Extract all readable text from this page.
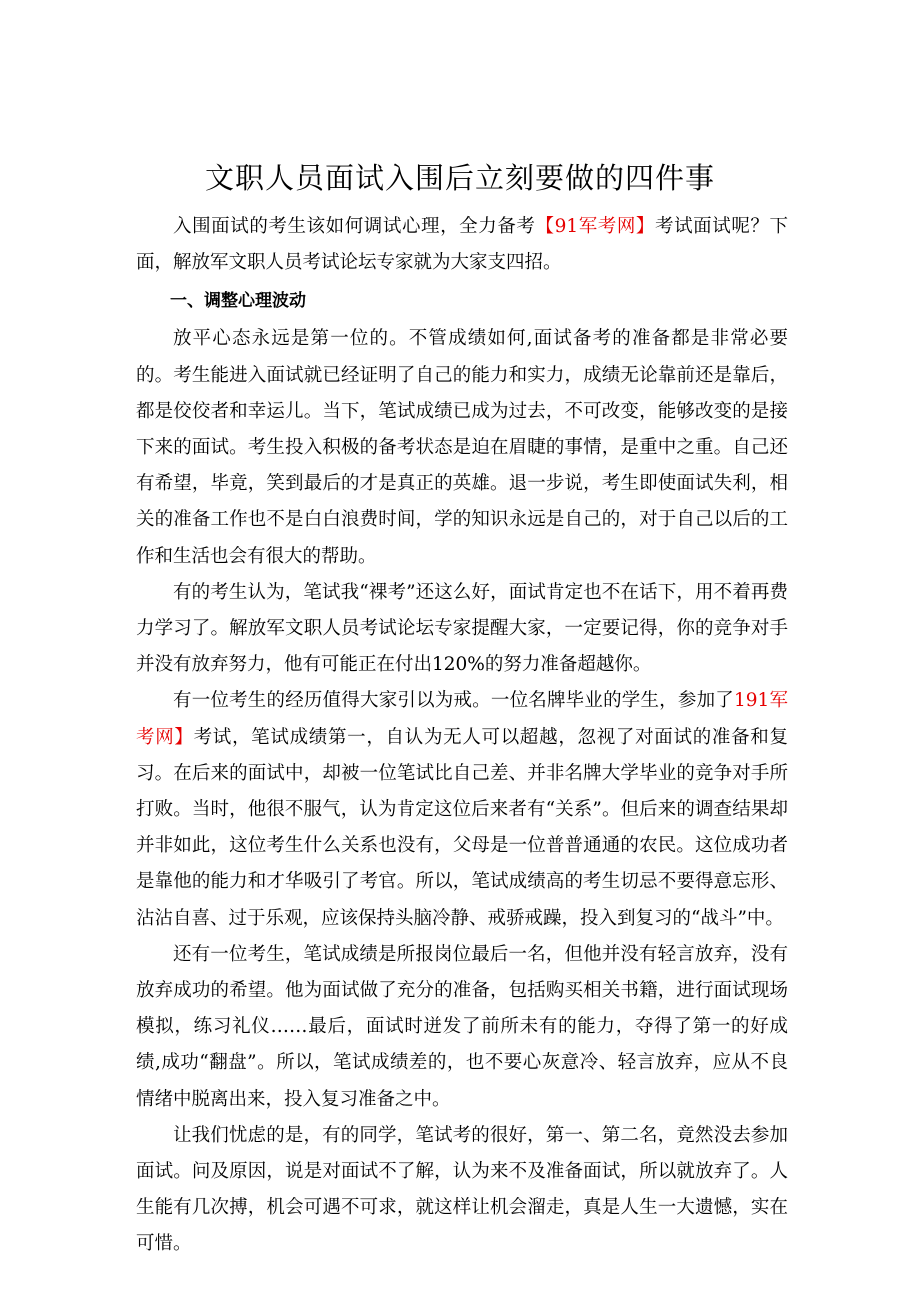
文职人员面试入围后立刻要做的四件事

入围面试的考生该如何调试心理，全力备考【91军考网】考试面试呢？下面，解放军文职人员考试论坛专家就为大家支四招。

一、调整心理波动

放平心态永远是第一位的。不管成绩如何,面试备考的准备都是非常必要的。考生能进入面试就已经证明了自己的能力和实力，成绩无论靠前还是靠后，都是佼佼者和幸运儿。当下，笔试成绩已成为过去，不可改变，能够改变的是接下来的面试。考生投入积极的备考状态是迫在眉睫的事情，是重中之重。自己还有希望，毕竟，笑到最后的才是真正的英雄。退一步说，考生即使面试失利，相关的准备工作也不是白白浪费时间，学的知识永远是自己的，对于自己以后的工作和生活也会有很大的帮助。

有的考生认为，笔试我“裸考”还这么好，面试肯定也不在话下，用不着再费力学习了。解放军文职人员考试论坛专家提醒大家，一定要记得，你的竞争对手并没有放弃努力，他有可能正在付出120%的努力准备超越你。

有一位考生的经历值得大家引以为戒。一位名牌毕业的学生，参加了191军考网】考试，笔试成绩第一，自认为无人可以超越，忽视了对面试的准备和复习。在后来的面试中，却被一位笔试比自己差、并非名牌大学毕业的竞争对手所打败。当时，他很不服气，认为肯定这位后来者有“关系”。但后来的调查结果却并非如此，这位考生什么关系也没有，父母是一位普普通通的农民。这位成功者是靠他的能力和才华吸引了考官。所以，笔试成绩高的考生切忌不要得意忘形、沾沾自喜、过于乐观，应该保持头脑冷静、戒骄戒躁，投入到复习的“战斗”中。

还有一位考生，笔试成绩是所报岗位最后一名，但他并没有轻言放弃，没有放弃成功的希望。他为面试做了充分的准备，包括购买相关书籍，进行面试现场模拟，练习礼仪……最后，面试时迸发了前所未有的能力，夺得了第一的好成绩,成功“翻盘”。所以，笔试成绩差的，也不要心灰意冷、轻言放弃，应从不良情绪中脱离出来，投入复习准备之中。

让我们忧虑的是，有的同学，笔试考的很好，第一、第二名，竟然没去参加面试。问及原因，说是对面试不了解，认为来不及准备面试，所以就放弃了。人生能有几次搏，机会可遇不可求，就这样让机会溜走，真是人生一大遗憾，实在可惜。
